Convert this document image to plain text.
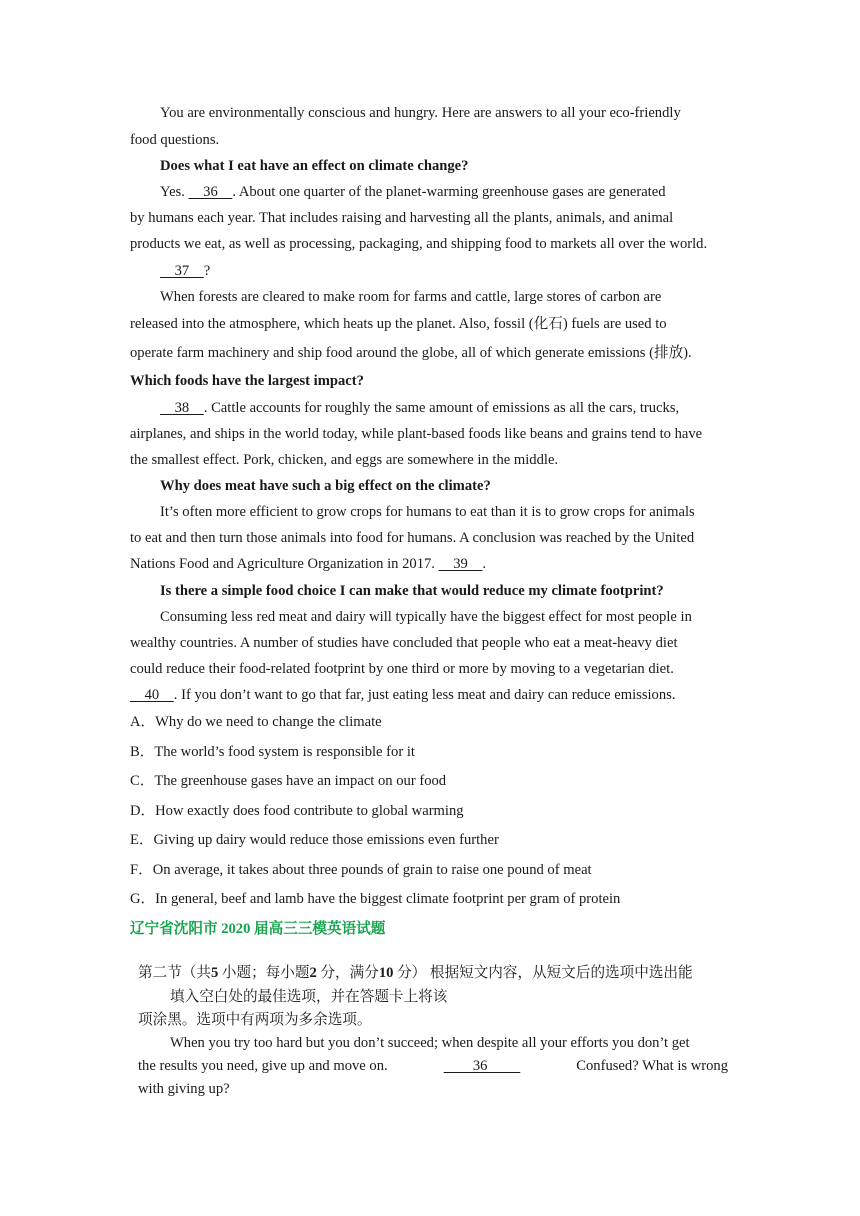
You are environmentally conscious and hungry. Here are answers to all your eco-friendly
food questions.
Does what I eat have an effect on climate change?
Yes.     36    . About one quarter of the planet-warming greenhouse gases are generated
by humans each year. That includes raising and harvesting all the plants, animals, and animal
products we eat, as well as processing, packaging, and shipping food to markets all over the world.
37    ?
When forests are cleared to make room for farms and cattle, large stores of carbon are
released into the atmosphere, which heats up the planet. Also, fossil (化石) fuels are used to
operate farm machinery and ship food around the globe, all of which generate emissions (排放).
Which foods have the largest impact?
38    . Cattle accounts for roughly the same amount of emissions as all the cars, trucks,
airplanes, and ships in the world today, while plant-based foods like beans and grains tend to have
the smallest effect. Pork, chicken, and eggs are somewhere in the middle.
Why does meat have such a big effect on the climate?
It’s often more efficient to grow crops for humans to eat than it is to grow crops for animals
to eat and then turn those animals into food for humans. A conclusion was reached by the United
Nations Food and Agriculture Organization in 2017.     39    .
Is there a simple food choice I can make that would reduce my climate footprint?
Consuming less red meat and dairy will typically have the biggest effect for most people in
wealthy countries. A number of studies have concluded that people who eat a meat-heavy diet
could reduce their food-related footprint by one third or more by moving to a vegetarian diet.
40    . If you don’t want to go that far, just eating less meat and dairy can reduce emissions.
A．Why do we need to change the climate
B．The world’s food system is responsible for it
C．The greenhouse gases have an impact on our food
D．How exactly does food contribute to global warming
E．Giving up dairy would reduce those emissions even further
F．On average, it takes about three pounds of grain to raise one pound of meat
G．In general, beef and lamb have the biggest climate footprint per gram of protein
辽宁省沈阳市 2020 届高三三模英语试题
第二节（共5 小题；每小题2 分，满分10 分） 根据短文内容，从短文后的选项中选出能
填入空白处的最佳选项，并在答题卡上将该
项涂黑。选项中有两项为多余选项。
When you try too hard but you don’t succeed; when despite all your efforts you don’t get
the results you need, give up and move on.	36	Confused? What is wrong
with giving up?
